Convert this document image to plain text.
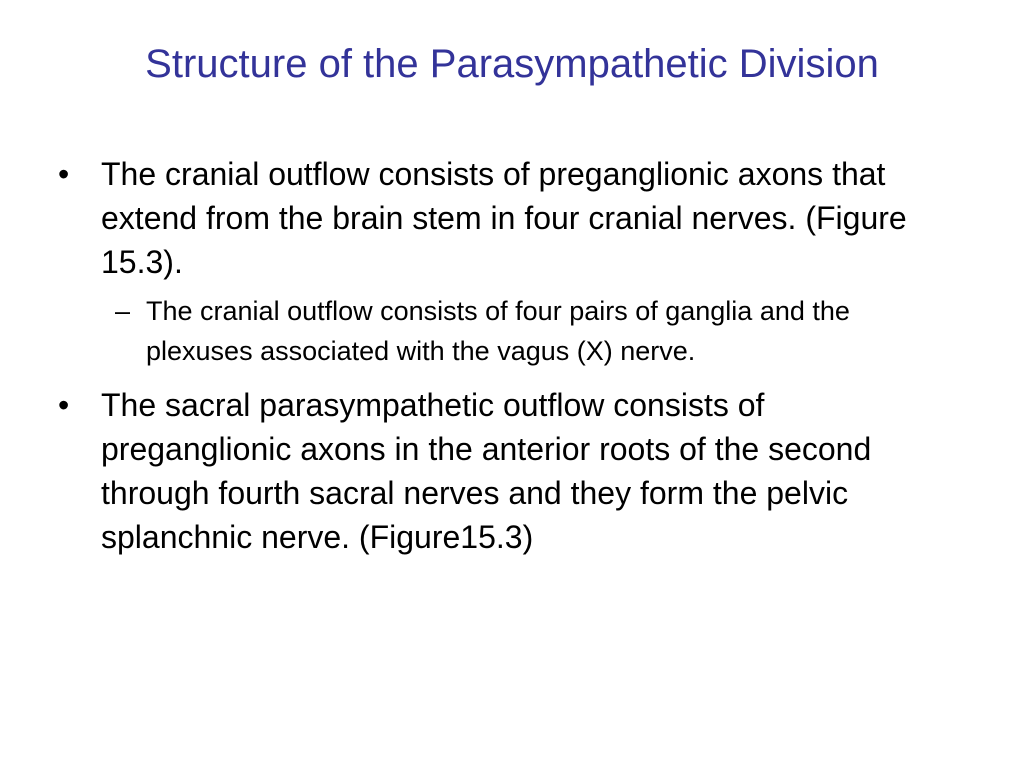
Structure of the Parasympathetic Division
• The cranial outflow consists of preganglionic axons that extend from the brain stem in four cranial nerves. (Figure 15.3).
– The cranial outflow consists of four pairs of ganglia and the plexuses associated with the vagus (X) nerve.
• The sacral parasympathetic outflow consists of preganglionic axons in the anterior roots of the second through fourth sacral nerves and they form the pelvic splanchnic nerve. (Figure15.3)
